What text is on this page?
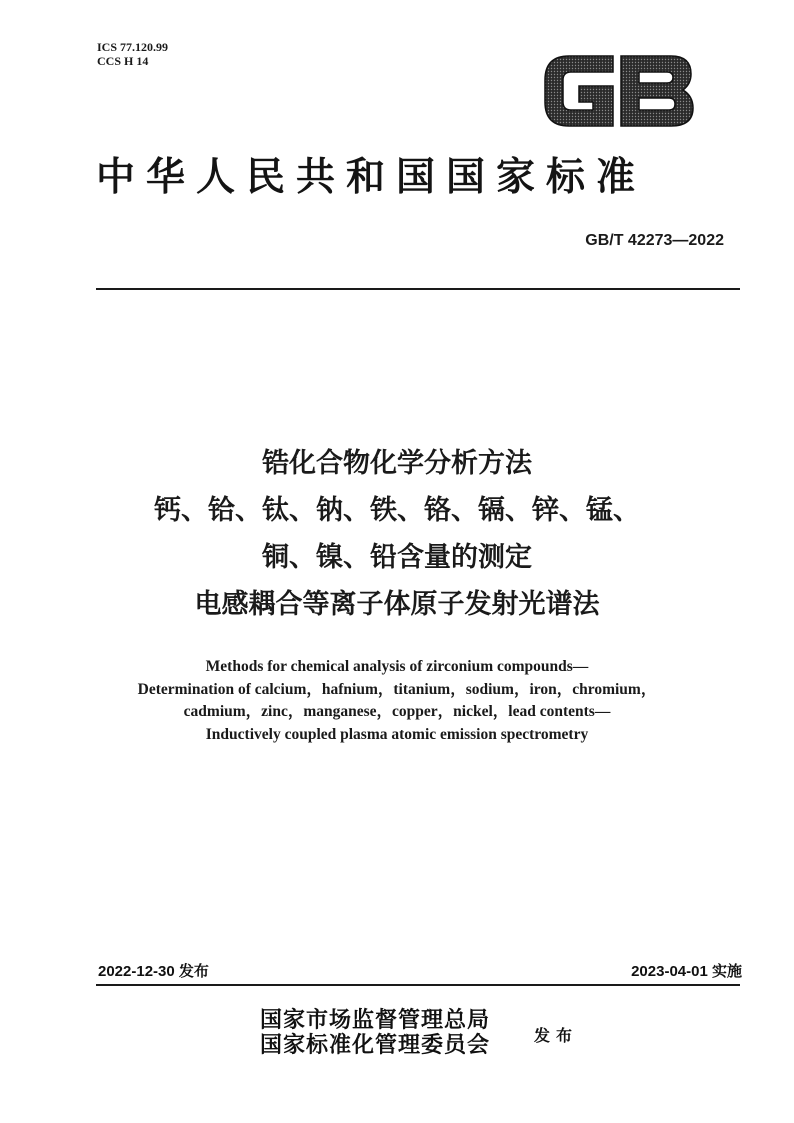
ICS 77.120.99
CCS H 14
中华人民共和国国家标准
GB/T 42273—2022
锆化合物化学分析方法
钙、铪、钛、钠、铁、铬、镉、锌、锰、
铜、镍、铅含量的测定
电感耦合等离子体原子发射光谱法
Methods for chemical analysis of zirconium compounds—
Determination of calcium，hafnium，titanium，sodium，iron，chromium，
cadmium，zinc，manganese，copper，nickel，lead contents—
Inductively coupled plasma atomic emission spectrometry
2022-12-30 发布	2023-04-01 实施
国家市场监督管理总局
国家标准化管理委员会	发布
